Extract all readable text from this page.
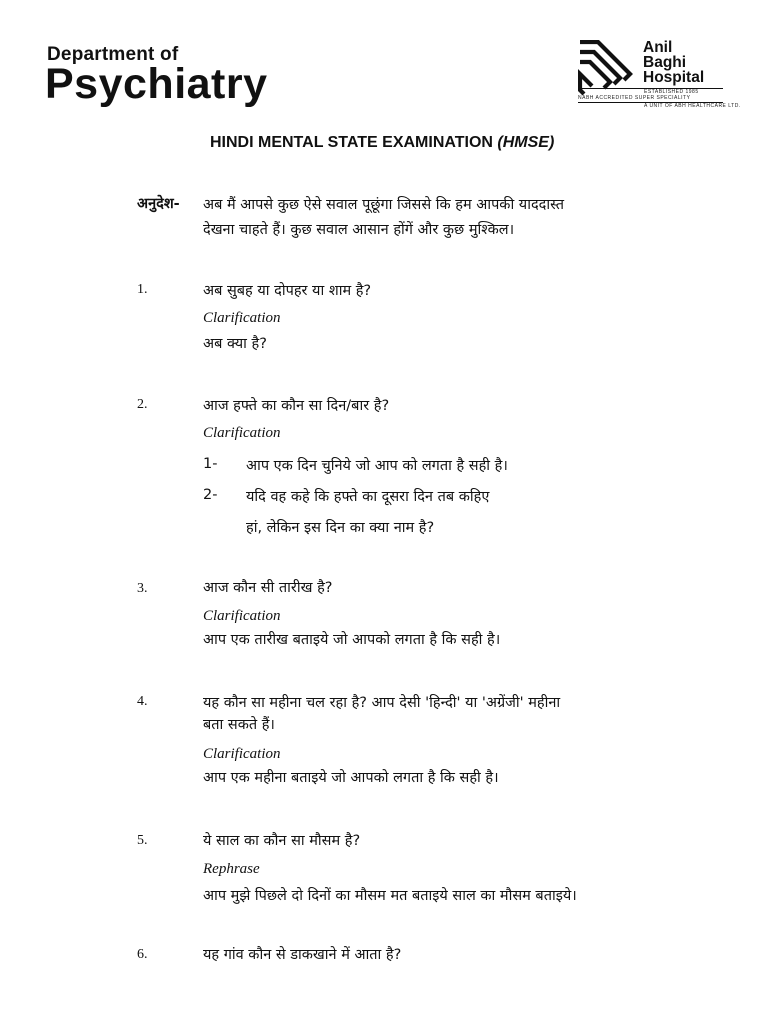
Department of
Psychiatry
Anil
Baghi
Hospital
ESTABLISHED 1985
NABH ACCREDITED SUPER SPECIALITY
A UNIT OF ABH HEALTHCARE LTD.
HINDI MENTAL STATE EXAMINATION (HMSE)
अनुदेश- अब मैं आपसे कुछ ऐसे सवाल पूछूंगा जिससे कि हम आपकी याददास्त
देखना चाहते हैं। कुछ सवाल आसान होंगें और कुछ मुश्किल।
1.	अब सुबह या दोपहर या शाम है?
Clarification
अब क्या है?
2.	आज हफ्ते का कौन सा दिन/बार है?
Clarification
1- आप एक दिन चुनिये जो आप को लगता है सही है।
2- यदि वह कहे कि हफ्ते का दूसरा दिन तब कहिए
हां, लेकिन इस दिन का क्या नाम है?
3.	आज कौन सी तारीख है?
Clarification
आप एक तारीख बताइये जो आपको लगता है कि सही है।
4.	यह कौन सा महीना चल रहा है? आप देसी 'हिन्दी' या 'अग्रेंजी' महीना
बता सकते हैं।
Clarification
आप एक महीना बताइये जो आपको लगता है कि सही है।
5.	ये साल का कौन सा मौसम है?
Rephrase
आप मुझे पिछले दो दिनों का मौसम मत बताइये साल का मौसम बताइये।
6.	यह गांव कौन से डाकखाने में आता है?
